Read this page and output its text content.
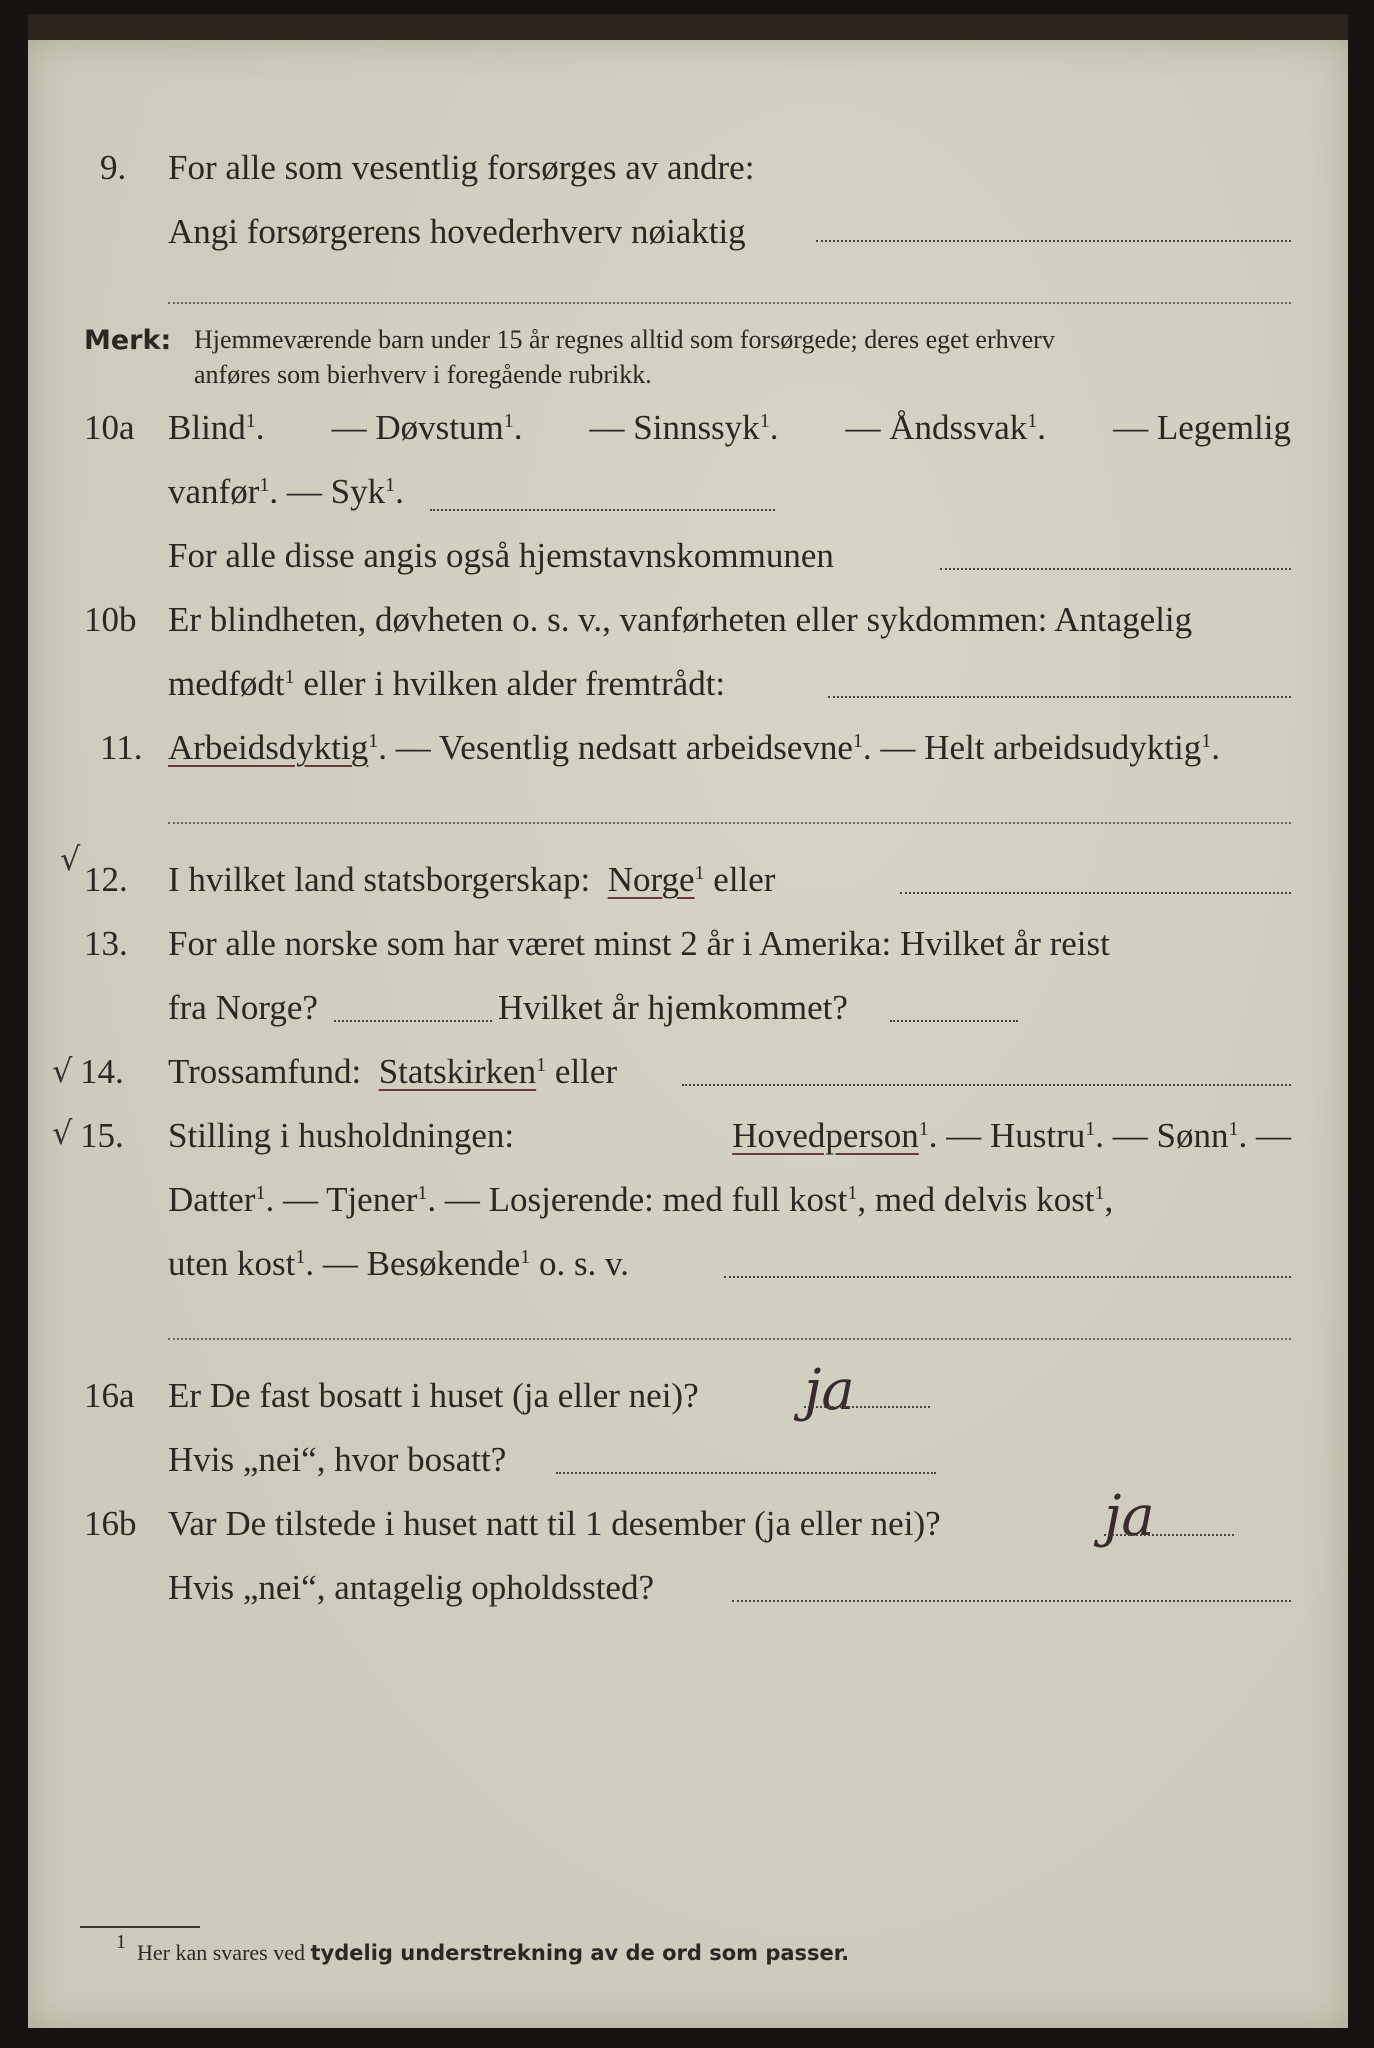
9. For alle som vesentlig forsørges av andre:
Angi forsørgerens hovederhverv nøiaktig
Merk: Hjemmeværende barn under 15 år regnes alltid som forsørgede; deres eget erhverv
anføres som bierhverv i foregående rubrikk.
10a Blind$^1$. — Døvstum$^1$. — Sinnssyk$^1$. — Åndssvak$^1$. — Legemlig
vanfør$^1$. — Syk$^1$.
For alle disse angis også hjemstavnskommunen
10b Er blindheten, døvheten o. s. v., vanførheten eller sykdommen: Antagelig
medfødt$^1$ eller i hvilken alder fremtrådt:
11. Arbeidsdyktig$^1$. — Vesentlig nedsatt arbeidsevne$^1$. — Helt arbeidsudyktig$^1$.
√
12. I hvilket land statsborgerskap: Norge$^1$ eller
13. For alle norske som har været minst 2 år i Amerika: Hvilket år reist
fra Norge?	Hvilket år hjemkommet?
√ 14. Trossamfund: Statskirken$^1$ eller
√ 15. Stilling i husholdningen:	Hovedperson$^1$. — Hustru$^1$. — Sønn$^1$. —
Datter$^1$. — Tjener$^1$. — Losjerende: med full kost$^1$, med delvis kost$^1$,
uten kost$^1$. — Besøkende$^1$ o. s. v.
16a Er De fast bosatt i huset (ja eller nei)? ja
Hvis „nei“, hvor bosatt?
16b Var De tilstede i huset natt til 1 desember (ja eller nei)?	ja
Hvis „nei“, antagelig opholdssted?
$^1$ Her kan svares ved tydelig understrekning av de ord som passer.
